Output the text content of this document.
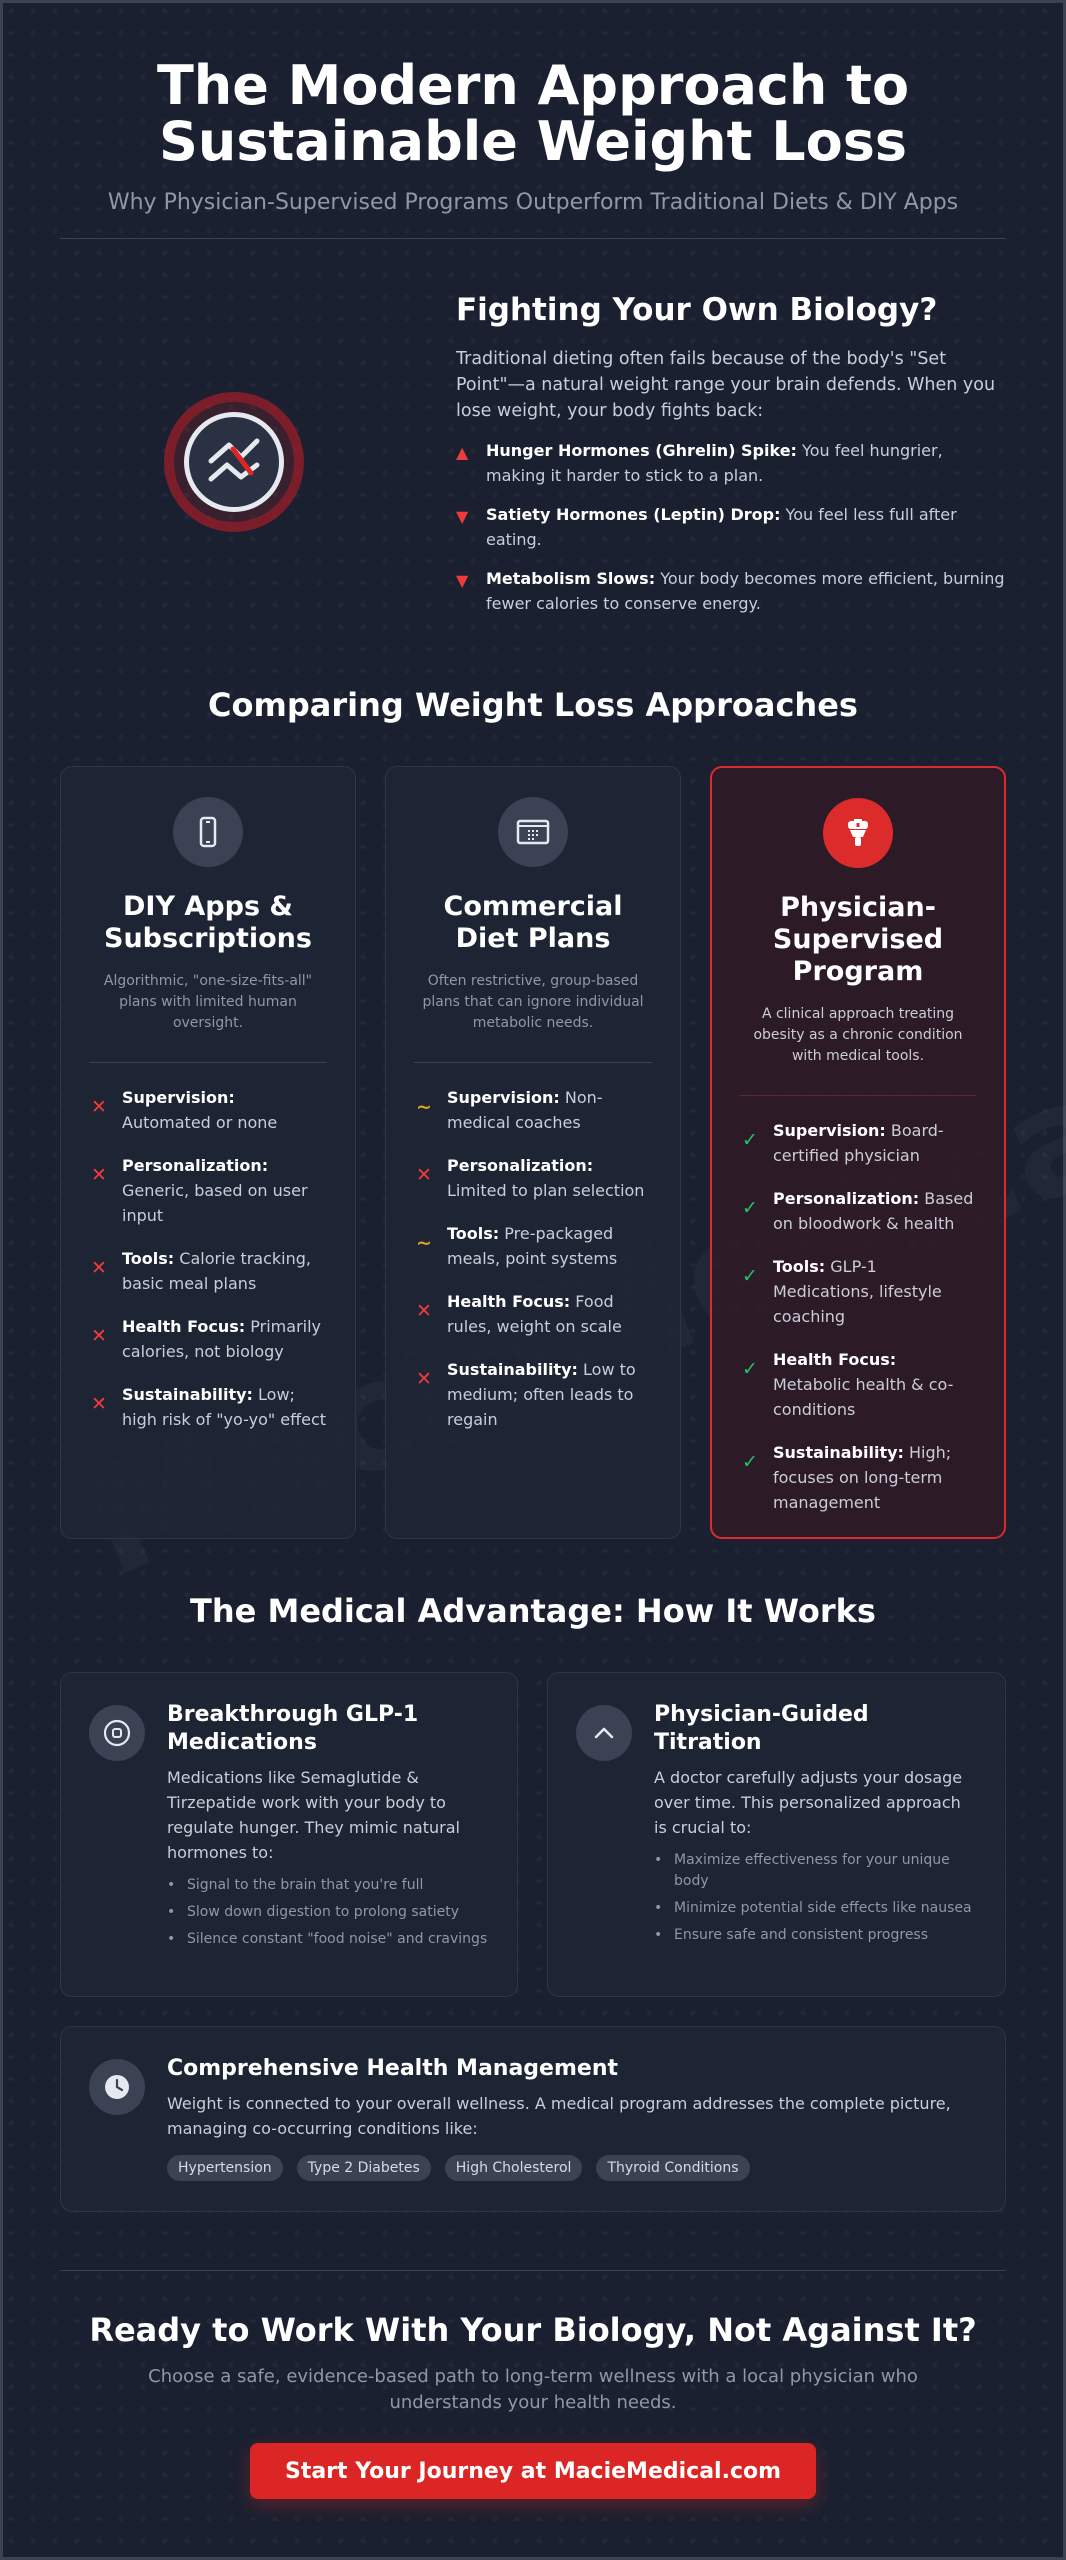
The Modern Approach to
Sustainable Weight Loss
Why Physician-Supervised Programs Outperform Traditional Diets & DIY Apps
Fighting Your Own Biology?

Traditional dieting often fails because of the body's "Set Point"—a natural weight range your brain defends. When you lose weight, your body fights back:

▲ Hunger Hormones (Ghrelin) Spike: You feel hungrier, making it harder to stick to a plan.
▼ Satiety Hormones (Leptin) Drop: You feel less full after eating.
▼ Metabolism Slows: Your body becomes more efficient, burning fewer calories to conserve energy.
Comparing Weight Loss Approaches
DIY Apps & Subscriptions

Algorithmic, "one-size-fits-all" plans with limited human oversight.

✕ Supervision: Automated or none
✕ Personalization: Generic, based on user input
✕ Tools: Calorie tracking, basic meal plans
✕ Health Focus: Primarily calories, not biology
✕ Sustainability: Low; high risk of "yo-yo" effect
Commercial Diet Plans

Often restrictive, group-based plans that can ignore individual metabolic needs.

~ Supervision: Non-medical coaches
✕ Personalization: Limited to plan selection
~ Tools: Pre-packaged meals, point systems
✕ Health Focus: Food rules, weight on scale
✕ Sustainability: Low to medium; often leads to regain
Physician-Supervised Program

A clinical approach treating obesity as a chronic condition with medical tools.

✓ Supervision: Board-certified physician
✓ Personalization: Based on bloodwork & health
✓ Tools: GLP-1 Medications, lifestyle coaching
✓ Health Focus: Metabolic health & co-conditions
✓ Sustainability: High; focuses on long-term management
The Medical Advantage: How It Works
Breakthrough GLP-1 Medications

Medications like Semaglutide & Tirzepatide work with your body to regulate hunger. They mimic natural hormones to:

• Signal to the brain that you're full
• Slow down digestion to prolong satiety
• Silence constant "food noise" and cravings
Physician-Guided Titration

A doctor carefully adjusts your dosage over time. This personalized approach is crucial to:

• Maximize effectiveness for your unique body
• Minimize potential side effects like nausea
• Ensure safe and consistent progress
Comprehensive Health Management

Weight is connected to your overall wellness. A medical program addresses the complete picture, managing co-occurring conditions like:

Hypertension	Type 2 Diabetes	High Cholesterol	Thyroid Conditions
Ready to Work With Your Biology, Not Against It?
Choose a safe, evidence-based path to long-term wellness with a local physician who understands your health needs.
Start Your Journey at MacieMedical.com
